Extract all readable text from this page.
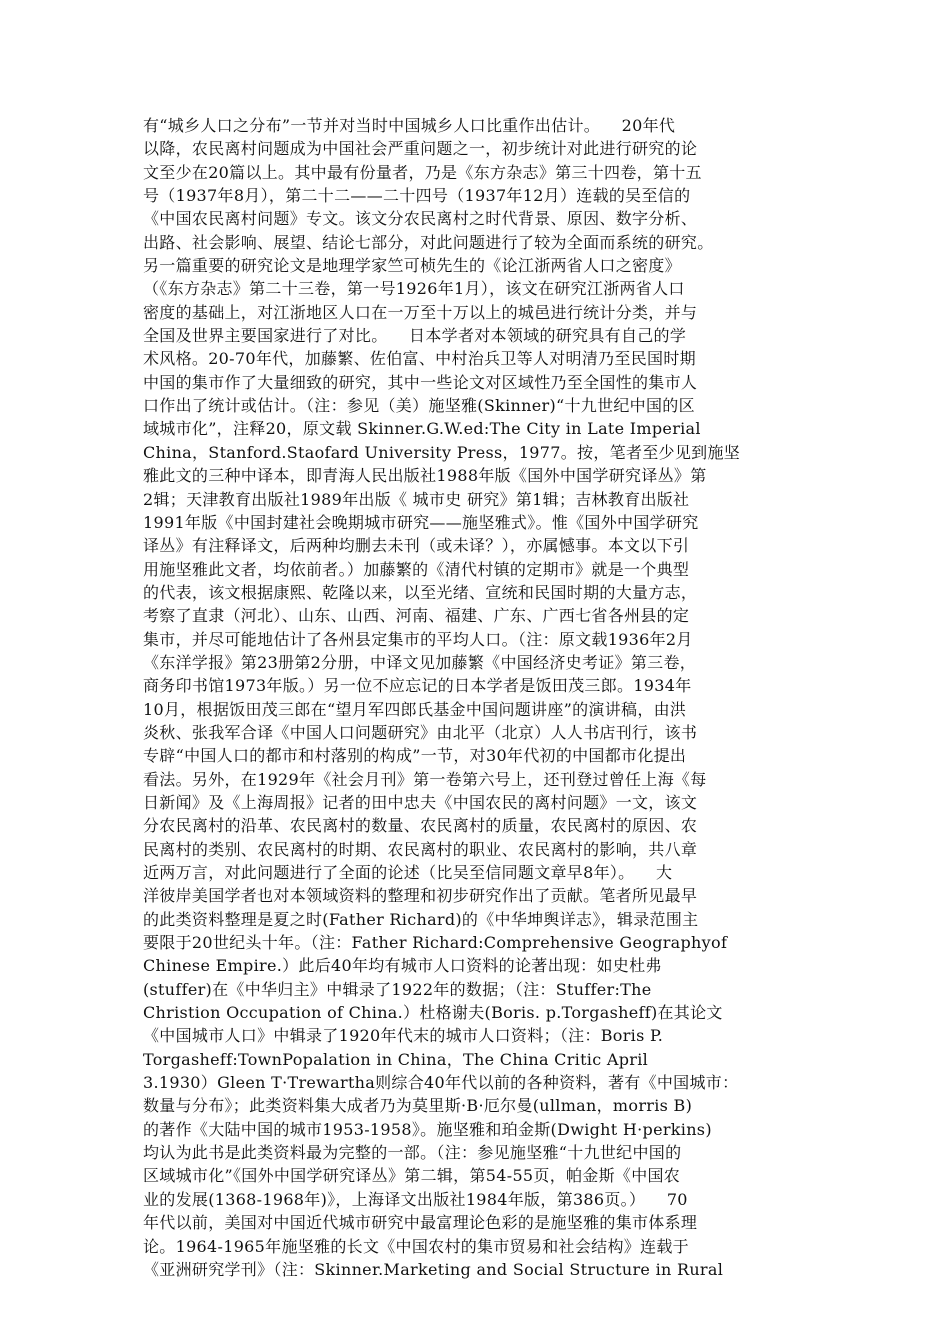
有“城乡人口之分布”一节并对当时中国城乡人口比重作出估计。    20年代
以降，农民离村问题成为中国社会严重问题之一，初步统计对此进行研究的论
文至少在20篇以上。其中最有份量者，乃是《东方杂志》第三十四卷，第十五
号（1937年8月），第二十二——二十四号（1937年12月）连载的吴至信的
《中国农民离村问题》专文。该文分农民离村之时代背景、原因、数字分析、
出路、社会影响、展望、结论七部分，对此问题进行了较为全面而系统的研究。
另一篇重要的研究论文是地理学家竺可桢先生的《论江浙两省人口之密度》
（《东方杂志》第二十三卷，第一号1926年1月），该文在研究江浙两省人口
密度的基础上，对江浙地区人口在一万至十万以上的城邑进行统计分类，并与
全国及世界主要国家进行了对比。    日本学者对本领域的研究具有自己的学
术风格。20-70年代，加藤繁、佐伯富、中村治兵卫等人对明清乃至民国时期
中国的集市作了大量细致的研究，其中一些论文对区域性乃至全国性的集市人
口作出了统计或估计。（注：参见（美）施坚雅(Skinner)“十九世纪中国的区
域城市化”，注释20，原文载 Skinner.G.W.ed:The City in Late Imperial
China，Stanford.Staofard University Press，1977。按，笔者至少见到施坚
雅此文的三种中译本，即青海人民出版社1988年版《国外中国学研究译丛》第
2辑；天津教育出版社1989年出版《 城市史 研究》第1辑；吉林教育出版社
1991年版《中国封建社会晚期城市研究——施坚雅式》。惟《国外中国学研究
译丛》有注释译文，后两种均删去未刊（或未译？），亦属憾事。本文以下引
用施坚雅此文者，均依前者。）加藤繁的《清代村镇的定期市》就是一个典型
的代表，该文根据康熙、乾隆以来，以至光绪、宣统和民国时期的大量方志，
考察了直隶（河北）、山东、山西、河南、福建、广东、广西七省各州县的定
集市，并尽可能地估计了各州县定集市的平均人口。（注：原文载1936年2月
《东洋学报》第23册第2分册，中译文见加藤繁《中国经济史考证》第三卷，
商务印书馆1973年版。）另一位不应忘记的日本学者是饭田茂三郎。1934年
10月，根据饭田茂三郎在“望月军四郎氏基金中国问题讲座”的演讲稿，由洪
炎秋、张我军合译《中国人口问题研究》由北平（北京）人人书店刊行，该书
专辟“中国人口的都市和村落别的构成”一节，对30年代初的中国都市化提出
看法。另外，在1929年《社会月刊》第一卷第六号上，还刊登过曾任上海《每
日新闻》及《上海周报》记者的田中忠夫《中国农民的离村问题》一文，该文
分农民离村的沿革、农民离村的数量、农民离村的质量，农民离村的原因、农
民离村的类别、农民离村的时期、农民离村的职业、农民离村的影响，共八章
近两万言，对此问题进行了全面的论述（比吴至信同题文章早8年）。    大
洋彼岸美国学者也对本领域资料的整理和初步研究作出了贡献。笔者所见最早
的此类资料整理是夏之时(Father Richard)的《中华坤舆详志》，辑录范围主
要限于20世纪头十年。（注：Father Richard:Comprehensive Geographyof
Chinese Empire.）此后40年均有城市人口资料的论著出现：如史杜弗
(stuffer)在《中华归主》中辑录了1922年的数据；（注：Stuffer:The
Christion Occupation of China.）杜格谢夫(Boris. p.Torgasheff)在其论文
《中国城市人口》中辑录了1920年代末的城市人口资料；（注：Boris P.
Torgasheff:TownPopalation in China，The China Critic April
3.1930）Gleen T·Trewartha则综合40年代以前的各种资料，著有《中国城市：
数量与分布》；此类资料集大成者乃为莫里斯·B·厄尔曼(ullman，morris B)
的著作《大陆中国的城市1953-1958》。施坚雅和珀金斯(Dwight H·perkins)
均认为此书是此类资料最为完整的一部。（注：参见施坚雅“十九世纪中国的
区域城市化”《国外中国学研究译丛》第二辑，第54-55页，帕金斯《中国农
业的发展(1368-1968年)》，上海译文出版社1984年版，第386页。）    70
年代以前，美国对中国近代城市研究中最富理论色彩的是施坚雅的集市体系理
论。1964-1965年施坚雅的长文《中国农村的集市贸易和社会结构》连载于
《亚洲研究学刊》（注：Skinner.Marketing and Social Structure in Rural
